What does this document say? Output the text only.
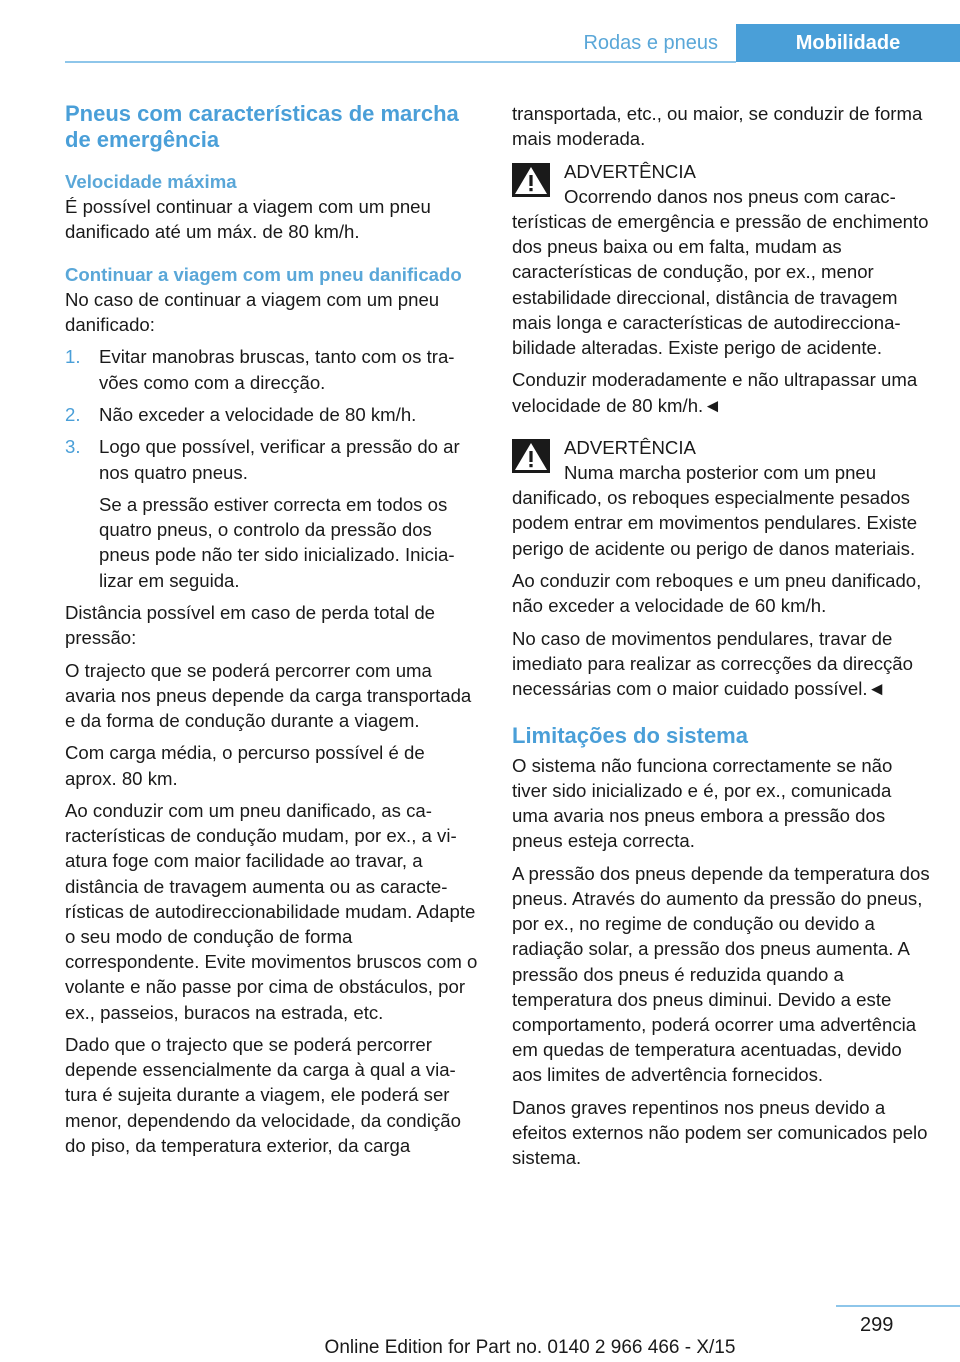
Rodas e pneus	Mobilidade
Pneus com características de marcha de emergência
Velocidade máxima

É possível continuar a viagem com um pneu danificado até um máx. de 80 km/h.

Continuar a viagem com um pneu danificado

No caso de continuar a viagem com um pneu danificado:

1. Evitar manobras bruscas, tanto com os travões como com a direcção.

2. Não exceder a velocidade de 80 km/h.

3. Logo que possível, verificar a pressão do ar nos quatro pneus.

Se a pressão estiver correcta em todos os quatro pneus, o controlo da pressão dos pneus pode não ter sido inicializado. Inicializar em seguida.

Distância possível em caso de perda total de pressão:

O trajecto que se poderá percorrer com uma avaria nos pneus depende da carga transportada e da forma de condução durante a viagem.

Com carga média, o percurso possível é de aprox. 80 km.

Ao conduzir com um pneu danificado, as características de condução mudam, por ex., a viatura foge com maior facilidade ao travar, a distância de travagem aumenta ou as características de autodireccionabilidade mudam. Adapte o seu modo de condução de forma correspondente. Evite movimentos bruscos com o volante e não passe por cima de obstáculos, por ex., passeios, buracos na estrada, etc.

Dado que o trajecto que se poderá percorrer depende essencialmente da carga à qual a viatura é sujeita durante a viagem, ele poderá ser menor, dependendo da velocidade, da condição do piso, da temperatura exterior, da carga

transportada, etc., ou maior, se conduzir de forma mais moderada.

ADVERTÊNCIA
Ocorrendo danos nos pneus com características de emergência e pressão de enchimento dos pneus baixa ou em falta, mudam as características de condução, por ex., menor estabilidade direccional, distância de travagem mais longa e características de autodireccionabilidade alteradas. Existe perigo de acidente.

Conduzir moderadamente e não ultrapassar uma velocidade de 80 km/h.◄

ADVERTÊNCIA
Numa marcha posterior com um pneu danificado, os reboques especialmente pesados podem entrar em movimentos pendulares. Existe perigo de acidente ou perigo de danos materiais.

Ao conduzir com reboques e um pneu danificado, não exceder a velocidade de 60 km/h.

No caso de movimentos pendulares, travar de imediato para realizar as correcções da direcção necessárias com o maior cuidado possível.◄

Limitações do sistema

O sistema não funciona correctamente se não tiver sido inicializado e é, por ex., comunicada uma avaria nos pneus embora a pressão dos pneus esteja correcta.

A pressão dos pneus depende da temperatura dos pneus. Através do aumento da pressão do pneus, por ex., no regime de condução ou devido a radiação solar, a pressão dos pneus aumenta. A pressão dos pneus é reduzida quando a temperatura dos pneus diminui. Devido a este comportamento, poderá ocorrer uma advertência em quedas de temperatura acentuadas, devido aos limites de advertência fornecidos.

Danos graves repentinos nos pneus devido a efeitos externos não podem ser comunicados pelo sistema.

299
Online Edition for Part no. 0140 2 966 466 - X/15
